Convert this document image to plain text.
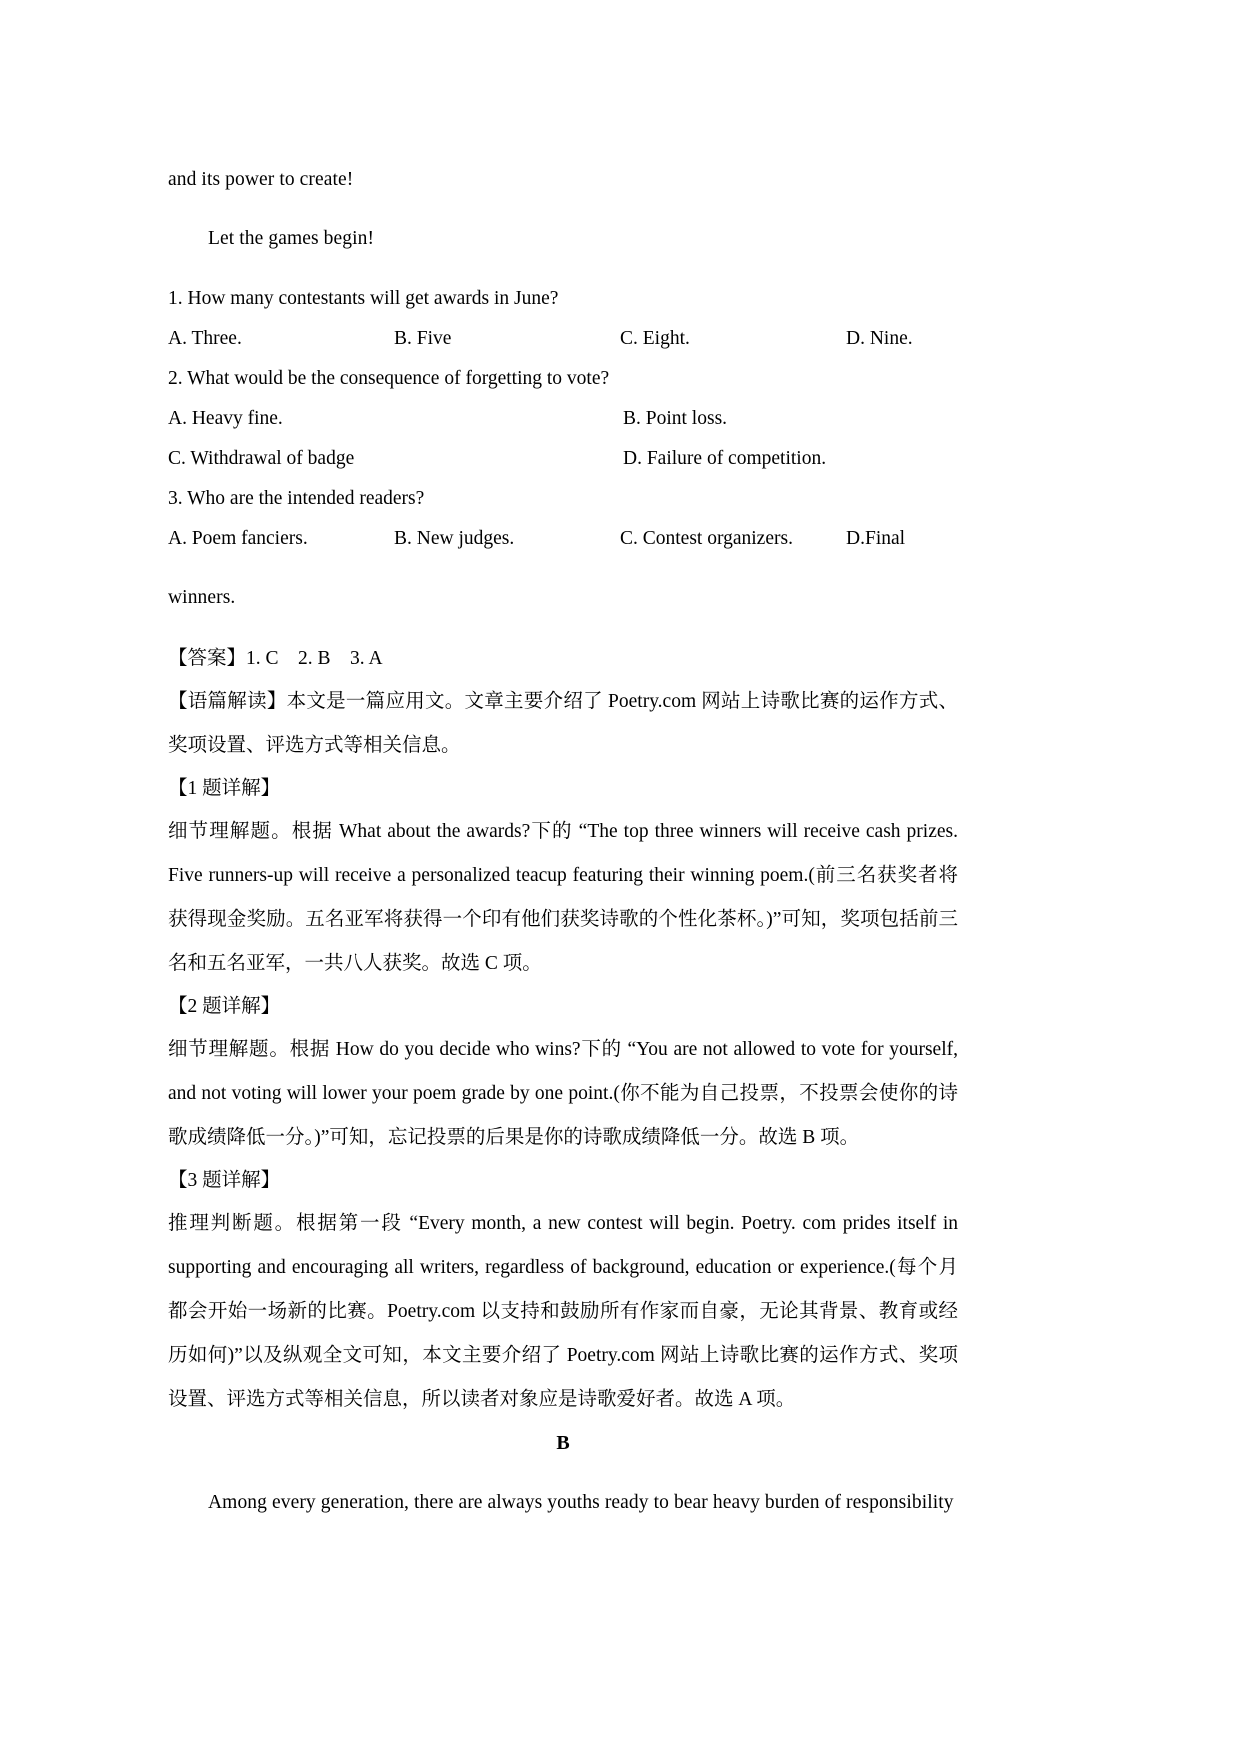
and its power to create!

Let the games begin!

1. How many contestants will get awards in June?

A. Three.	B. Five	C. Eight.	D. Nine.

2. What would be the consequence of forgetting to vote?

A. Heavy fine.	B. Point loss.
C. Withdrawal of badge	D. Failure of competition.

3. Who are the intended readers?

A. Poem fanciers.	B. New judges.	C. Contest organizers.	D. Final

winners.

【答案】1. C　2. B　3. A

【语篇解读】本文是一篇应用文。文章主要介绍了 Poetry.com 网站上诗歌比赛的运作方式、奖项设置、评选方式等相关信息。

【1 题详解】

细节理解题。根据 What about the awards?下的 “The top three winners will receive cash prizes. Five runners-up will receive a personalized teacup featuring their winning poem.(前三名获奖者将获得现金奖励。五名亚军将获得一个印有他们获奖诗歌的个性化茶杯。)”可知，奖项包括前三名和五名亚军，一共八人获奖。故选 C 项。

【2 题详解】

细节理解题。根据 How do you decide who wins?下的 “You are not allowed to vote for yourself, and not voting will lower your poem grade by one point.(你不能为自己投票，不投票会使你的诗歌成绩降低一分。)”可知，忘记投票的后果是你的诗歌成绩降低一分。故选 B 项。

【3 题详解】

推理判断题。根据第一段 “Every month, a new contest will begin. Poetry. com prides itself in supporting and encouraging all writers, regardless of background, education or experience.(每个月都会开始一场新的比赛。Poetry.com 以支持和鼓励所有作家而自豪，无论其背景、教育或经历如何)”以及纵观全文可知，本文主要介绍了 Poetry.com 网站上诗歌比赛的运作方式、奖项设置、评选方式等相关信息，所以读者对象应是诗歌爱好者。故选 A 项。

B

Among every generation, there are always youths ready to bear heavy burden of responsibility
